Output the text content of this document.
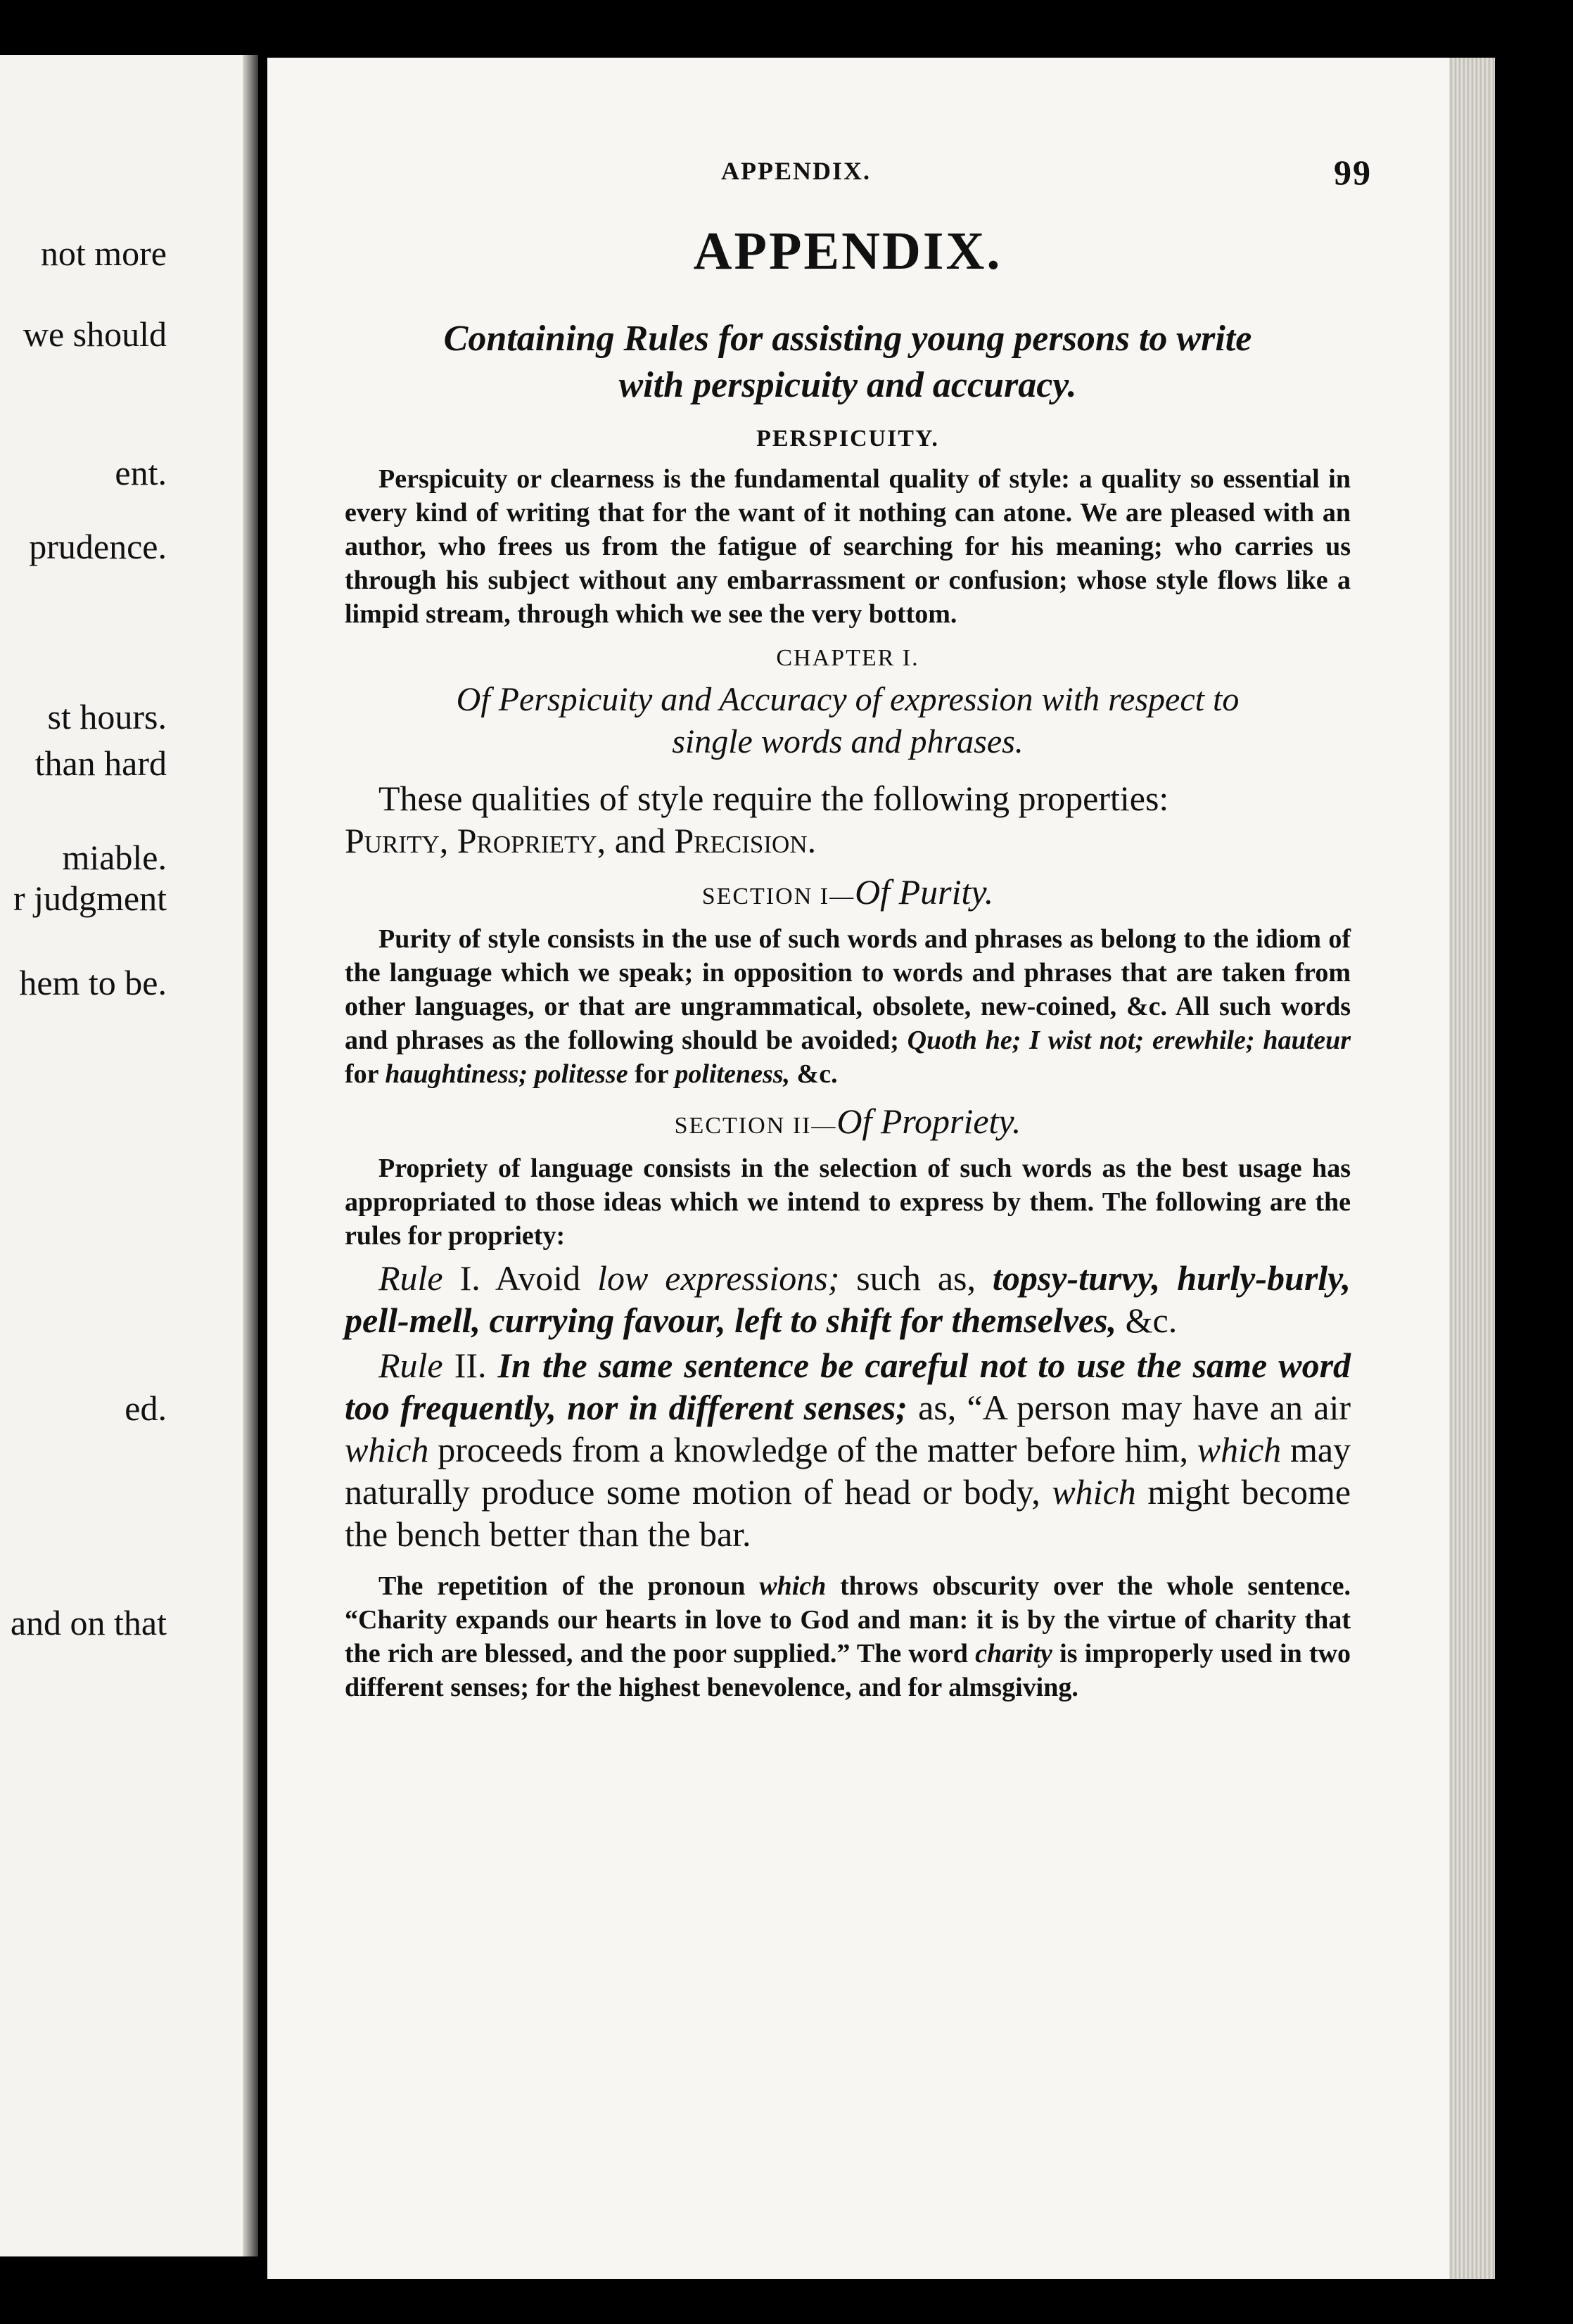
not more
we should
ent.
prudence.
st hours.
than hard
miable.
r judgment
hem to be.
ed.
and on that
APPENDIX.	99
APPENDIX.
Containing Rules for assisting young persons to write
with perspicuity and accuracy.
PERSPICUITY.

Perspicuity or clearness is the fundamental quality of style: a quality so essential in every kind of writing that for the want of it nothing can atone. We are pleased with an author, who frees us from the fatigue of searching for his meaning; who carries us through his subject without any embarrassment or confusion; whose style flows like a limpid stream, through which we see the very bottom.

CHAPTER I.
Of Perspicuity and Accuracy of expression with respect to
single words and phrases.

These qualities of style require the following properties:
Purity, Propriety, and Precision.

SECTION I—Of Purity.

Purity of style consists in the use of such words and phrases as belong to the idiom of the language which we speak; in opposition to words and phrases that are taken from other languages, or that are ungrammatical, obsolete, new-coined, &c. All such words and phrases as the following should be avoided; Quoth he; I wist not; erewhile; hauteur for haughtiness; politesse for politeness, &c.

SECTION II—Of Propriety.

Propriety of language consists in the selection of such words as the best usage has appropriated to those ideas which we intend to express by them. The following are the rules for propriety:

Rule I. Avoid low expressions; such as, topsy-turvy, hurly-burly, pell-mell, currying favour, left to shift for themselves, &c.

Rule II. In the same sentence be careful not to use the same word too frequently, nor in different senses; as, “A person may have an air which proceeds from a knowledge of the matter before him, which may naturally produce some motion of head or body, which might become the bench better than the bar.

The repetition of the pronoun which throws obscurity over the whole sentence. “Charity expands our hearts in love to God and man: it is by the virtue of charity that the rich are blessed, and the poor supplied.” The word charity is improperly used in two different senses; for the highest benevolence, and for almsgiving.
